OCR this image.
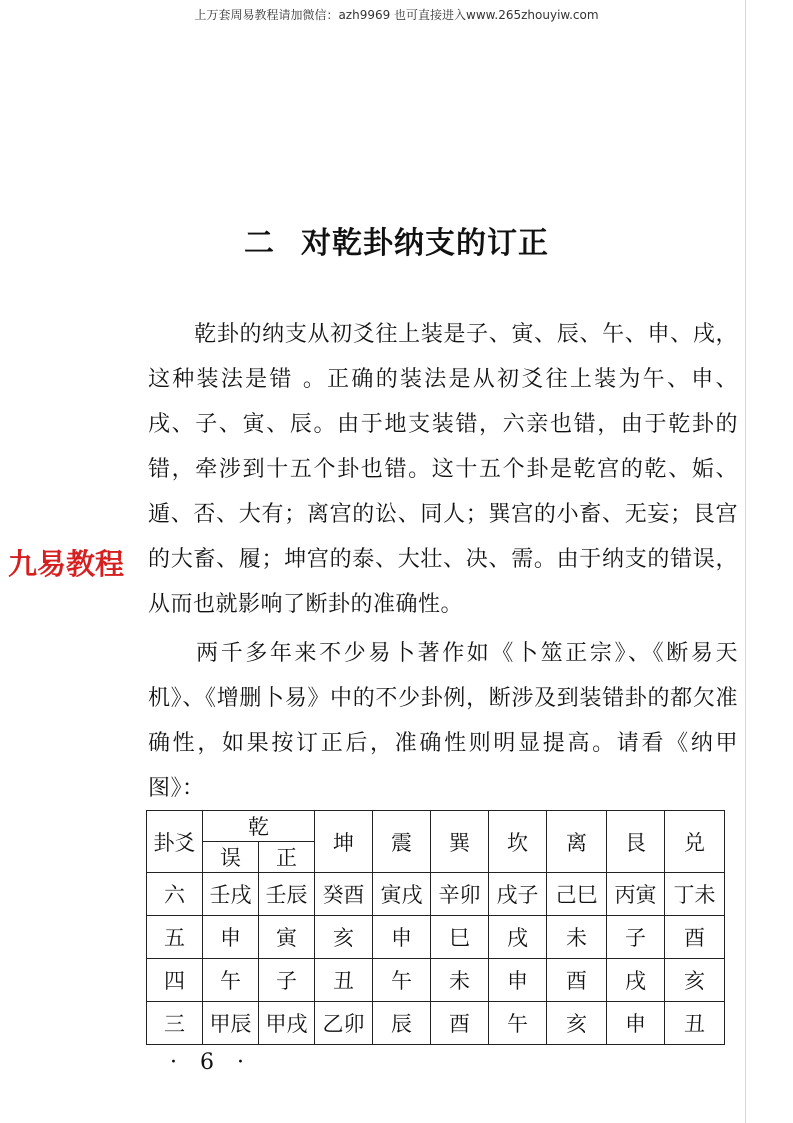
上万套周易教程请加微信：azh9969 也可直接进入www.265zhouyiw.com
二 对乾卦纳支的订正

乾卦的纳支从初爻往上装是子、寅、辰、午、申、戌，这种装法是错 。正确的装法是从初爻往上装为午、申、戌、子、寅、辰。由于地支装错，六亲也错，由于乾卦的错，牵涉到十五个卦也错。这十五个卦是乾宫的乾、姤、遁、否、大有；离宫的讼、同人；巽宫的小畜、无妄；艮宫的大畜、履；坤宫的泰、大壮、决、需。由于纳支的错误，从而也就影响了断卦的准确性。

两千多年来不少易卜著作如《卜筮正宗》、《断易天机》、《增删卜易》中的不少卦例，断涉及到装错卦的都欠准确性，如果按订正后，准确性则明显提高。请看《纳甲图》：

九易教程
卦爻	乾		坤	震	巽	坎	离	艮	兑
	误	正							
六	壬戌	壬辰	癸酉	寅戌	辛卯	戌子	己巳	丙寅	丁未
五	申	寅	亥	申	巳	戌	未	子	酉
四	午	子	丑	午	未	申	酉	戌	亥
三	甲辰	甲戌	乙卯	辰	酉	午	亥	申	丑
· 6 ·
